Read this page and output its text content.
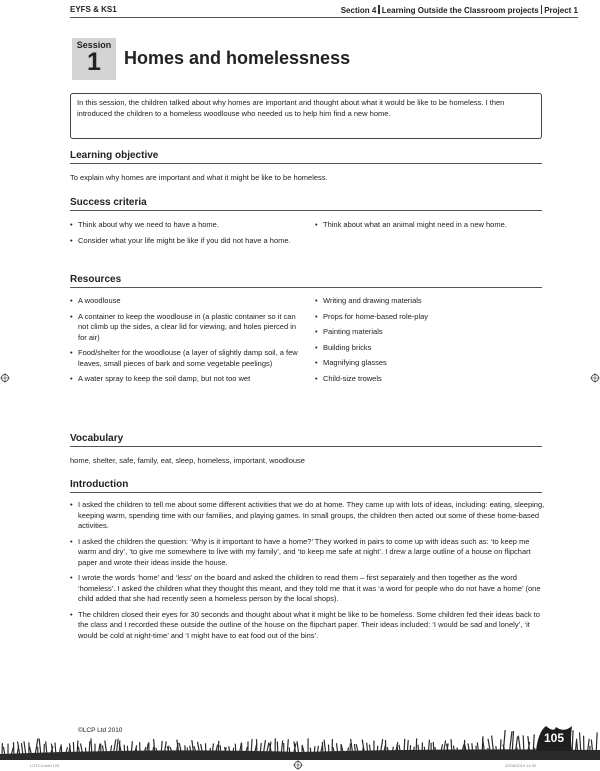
EYFS & KS1	Section 4 Learning Outside the Classroom projects Project 1
Session
1	Homes and homelessness
In this session, the children talked about why homes are important and thought about what it would be like to be homeless. I then introduced the children to a homeless woodlouse who needed us to help him find a new home.
Learning objective
To explain why homes are important and what it might be like to be homeless.
Success criteria
• Think about why we need to have a home.
• Consider what your life might be like if you did not have a home.
• Think about what an animal might need in a new home.
Resources
• A woodlouse
• A container to keep the woodlouse in (a plastic container so it can not climb up the sides, a clear lid for viewing, and holes pierced in for air)
• Food/shelter for the woodlouse (a layer of slightly damp soil, a few leaves, small pieces of bark and some vegetable peelings)
• A water spray to keep the soil damp, but not too wet
• Writing and drawing materials
• Props for home-based role-play
• Painting materials
• Building bricks
• Magnifying glasses
• Child-size trowels
Vocabulary
home, shelter, safe, family, eat, sleep, homeless, important, woodlouse
Introduction
• I asked the children to tell me about some different activities that we do at home. They came up with lots of ideas, including: eating, sleeping, keeping warm, spending time with our families, and playing games. In small groups, the children then acted out some of these home-based activities.
• I asked the children the question: ‘Why is it important to have a home?’ They worked in pairs to come up with ideas such as: ‘to keep me warm and dry’, ‘to give me somewhere to live with my family’, and ‘to keep me safe at night’. I drew a large outline of a house on flipchart paper and wrote their ideas inside the house.
• I wrote the words ‘home’ and ‘less’ on the board and asked the children to read them – first separately and then together as the word ‘homeless’. I asked the children what they thought this meant, and they told me that it was ‘a word for people who do not have a home’ (one child added that she had recently seen a homeless person by the local shops).
• The children closed their eyes for 30 seconds and thought about what it might be like to be homeless. Some children fed their ideas back to the class and I recorded these outside the outline of the house on the flipchart paper. Their ideas included: ‘I would be sad and lonely’, ‘it would be cold at night-time’ and ‘I might have to eat food out of the bins’.
©LCP Ltd 2010
105
LOTC4.indd 105	22/06/2010 14:30
